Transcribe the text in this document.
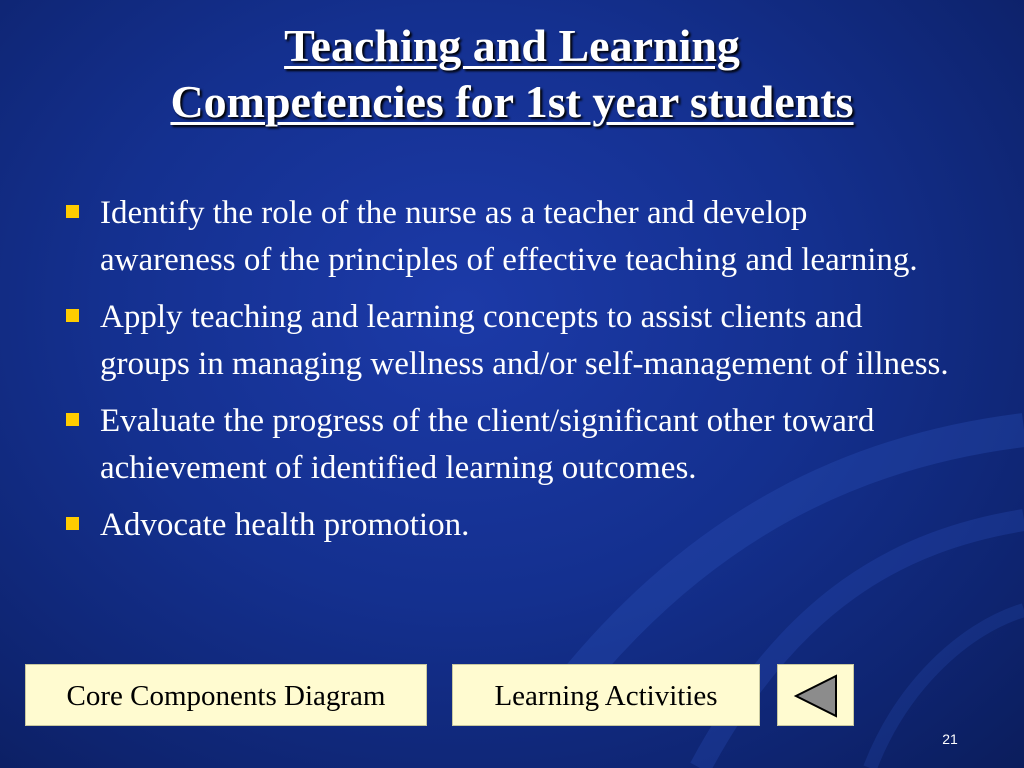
Teaching and Learning
Competencies for 1st year students
Identify the role of the nurse as a teacher and develop awareness of the principles of effective teaching and learning.
Apply teaching and learning concepts to assist clients and groups in managing wellness and/or self-management of illness.
Evaluate the progress of the client/significant other toward achievement of identified learning outcomes.
Advocate health promotion.
Core Components Diagram	Learning Activities
21
